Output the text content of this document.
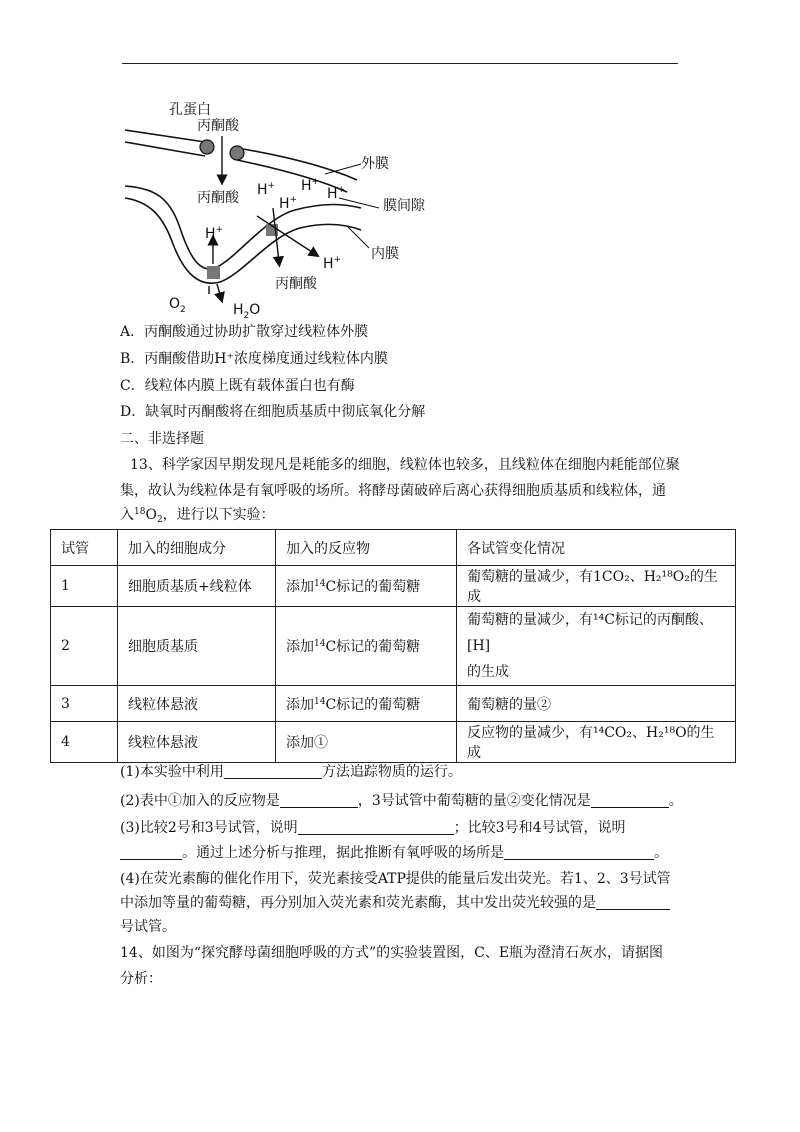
孔蛋白
丙酮酸
丙酮酸
丙酮酸
外膜
膜间隙
内膜
H+ H+
H+ H+
H+
H+
$O_2$	$H_2O$
A．丙酮酸通过协助扩散穿过线粒体外膜
B．丙酮酸借助H⁺浓度梯度通过线粒体内膜
C．线粒体内膜上既有载体蛋白也有酶
D．缺氧时丙酮酸将在细胞质基质中彻底氧化分解
二、非选择题
13、科学家因早期发现凡是耗能多的细胞，线粒体也较多，且线粒体在细胞内耗能部位聚
集，故认为线粒体是有氧呼吸的场所。将酵母菌破碎后离心获得细胞质基质和线粒体，通
入$^{18}O_2$，进行以下实验：
试管	加入的细胞成分	加入的反应物	各试管变化情况
1	细胞质基质+线粒体	添加$^{14}$C标记的葡萄糖	葡萄糖的量减少，有1CO₂、H₂¹⁸O₂的生成
2	细胞质基质	添加$^{14}$C标记的葡萄糖	葡萄糖的量减少，有¹⁴C标记的丙酮酸、[H]
的生成

3	线粒体悬液	添加$^{14}$C标记的葡萄糖	葡萄糖的量②
4	线粒体悬液	添加①	反应物的量减少，有¹⁴CO₂、H₂¹⁸O的生成
(1)本实验中利用	方法追踪物质的运行。
(2)表中①加入的反应物是	，3号试管中葡萄糖的量②变化情况是	。
(3)比较2号和3号试管，说明	；比较3号和4号试管，说明
。通过上述分析与推理，据此推断有氧呼吸的场所是	。
(4)在荧光素酶的催化作用下，荧光素接受ATP提供的能量后发出荧光。若1、2、3号试管
中添加等量的葡萄糖，再分别加入荧光素和荧光素酶，其中发出荧光较强的是
号试管。
14、如图为“探究酵母菌细胞呼吸的方式”的实验装置图，C、E瓶为澄清石灰水，请据图
分析：
